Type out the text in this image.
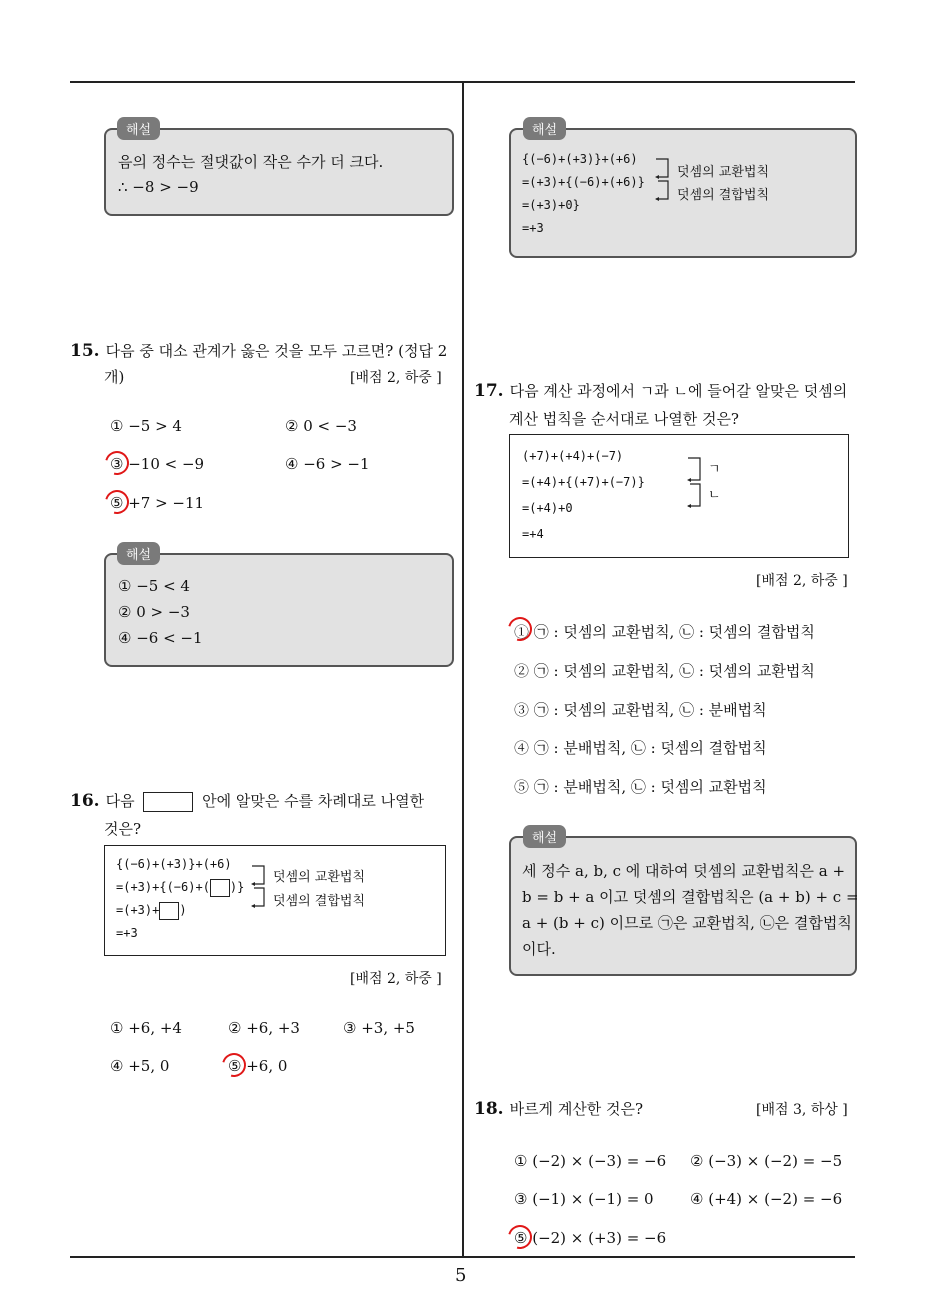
5
해설
음의 정수는 절댓값이 작은 수가 더 크다.
∴ −8 > −9
15. 다음 중 대소 관계가 옳은 것을 모두 고르면? (정답 2
개)	[배점 2, 하중 ]
① −5 > 4	② 0 < −3
③ −10 < −9	④ −6 > −1
⑤ +7 > −11
해설
① −5 < 4
② 0 > −3
④ −6 < −1
16. 다음	안에 알맞은 수를 차례대로 나열한
것은?
{(−6)+(+3)}+(+6)
=(+3)+{(−6)+( )}
=(+3)+ )
=+3
덧셈의 교환법칙
덧셈의 결합법칙
[배점 2, 하중 ]
① +6, +4	② +6, +3	③ +3, +5
④ +5, 0	⑤ +6, 0
해설
{(−6)+(+3)}+(+6)
=(+3)+{(−6)+(+6)}
=(+3)+0}
=+3
덧셈의 교환법칙
덧셈의 결합법칙
17. 다음 계산 과정에서 ㄱ과 ㄴ에 들어갈 알맞은 덧셈의
계산 법칙을 순서대로 나열한 것은?
(+7)+(+4)+(−7)
=(+4)+{(+7)+(−7)}
=(+4)+0
=+4
ㄱ
ㄴ
[배점 2, 하중 ]
① ㉠ : 덧셈의 교환법칙, ㉡ : 덧셈의 결합법칙
② ㉠ : 덧셈의 교환법칙, ㉡ : 덧셈의 교환법칙
③ ㉠ : 덧셈의 교환법칙, ㉡ : 분배법칙
④ ㉠ : 분배법칙, ㉡ : 덧셈의 결합법칙
⑤ ㉠ : 분배법칙, ㉡ : 덧셈의 교환법칙
해설
세 정수 a, b, c 에 대하여 덧셈의 교환법칙은 a +
b = b + a 이고 덧셈의 결합법칙은 (a + b) + c =
a + (b + c) 이므로 ㉠은 교환법칙, ㉡은 결합법칙
이다.
18. 바르게 계산한 것은?	[배점 3, 하상 ]
① (−2) × (−3) = −6 ② (−3) × (−2) = −5
③ (−1) × (−1) = 0 ④ (+4) × (−2) = −6
⑤ (−2) × (+3) = −6
